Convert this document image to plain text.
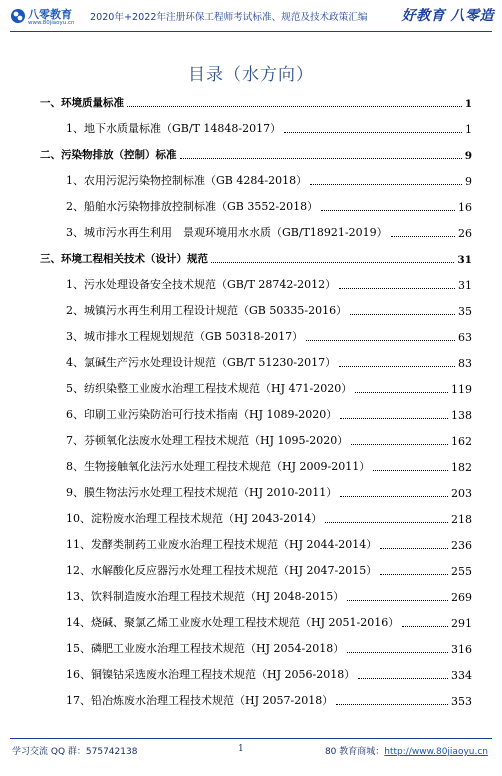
八零教育
www.80jiaoyu.cn 2020年+2022年注册环保工程师考试标准、规范及技术政策汇编 好教育 八零造
目录（水方向）
一、环境质量标准	1
1、地下水质量标准（GB/T 14848-2017）	1
二、污染物排放（控制）标准	9
1、农用污泥污染物控制标准（GB 4284-2018）	9
2、船舶水污染物排放控制标准（GB 3552-2018）	16
3、城市污水再生利用　景观环境用水水质（GB/T18921-2019）	26
三、环境工程相关技术（设计）规范	31
1、污水处理设备安全技术规范（GB/T 28742-2012）	31
2、城镇污水再生利用工程设计规范（GB 50335-2016）	35
3、城市排水工程规划规范（GB 50318-2017）	63
4、氯碱生产污水处理设计规范（GB/T 51230-2017）	83
5、纺织染整工业废水治理工程技术规范（HJ 471-2020）	119
6、印刷工业污染防治可行技术指南（HJ 1089-2020）	138
7、芬顿氧化法废水处理工程技术规范（HJ 1095-2020）	162
8、生物接触氧化法污水处理工程技术规范（HJ 2009-2011）	182
9、膜生物法污水处理工程技术规范（HJ 2010-2011）	203
10、淀粉废水治理工程技术规范（HJ 2043-2014）	218
11、发酵类制药工业废水治理工程技术规范（HJ 2044-2014）	236
12、水解酸化反应器污水处理工程技术规范（HJ 2047-2015）	255
13、饮料制造废水治理工程技术规范（HJ 2048-2015）	269
14、烧碱、聚氯乙烯工业废水处理工程技术规范（HJ 2051-2016）	291
15、磷肥工业废水治理工程技术规范（HJ 2054-2018）	316
16、铜镍钴采选废水治理工程技术规范（HJ 2056-2018）	334
17、铅冶炼废水治理工程技术规范（HJ 2057-2018）	353
学习交流 QQ 群：575742138	1	80 教育商城：http://www.80jiaoyu.cn
